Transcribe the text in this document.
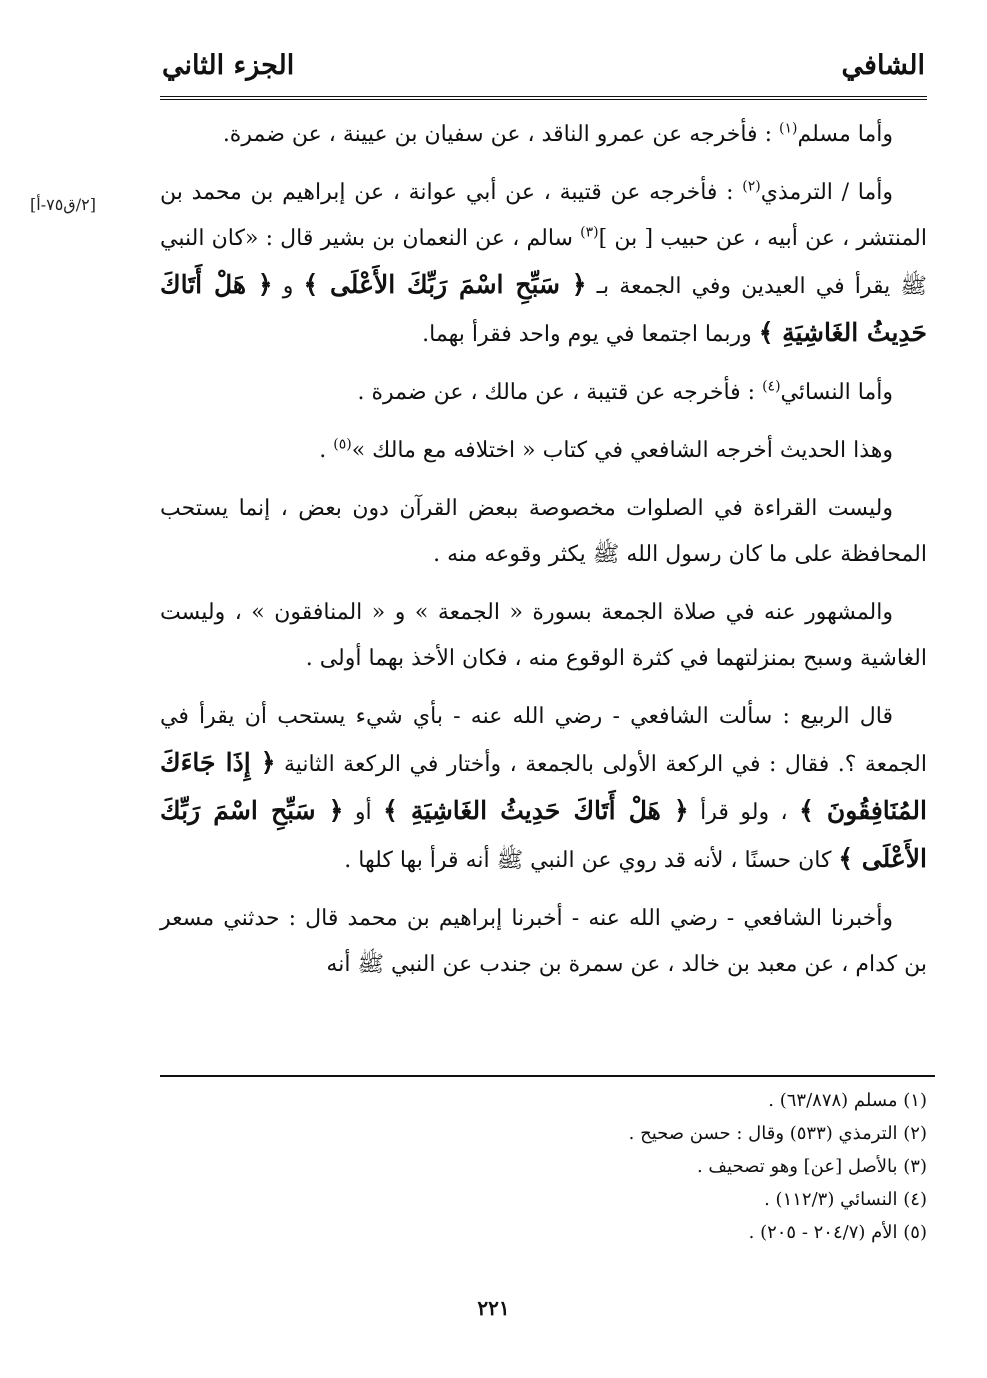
الشافي
الجزء الثاني
[٢/ق٧٥-أ]

وأما مسلم$^{(١)}$ : فأخرجه عن عمرو الناقد ، عن سفيان بن عيينة ، عن ضمرة.

وأما / الترمذي$^{(٢)}$ : فأخرجه عن قتيبة ، عن أبي عوانة ، عن إبراهيم بن محمد بن المنتشر ، عن أبيه ، عن حبيب [ بن ]$^{(٣)}$ سالم ، عن النعمان بن بشير قال : «كان النبي ﷺ يقرأ في العيدين وفي الجمعة بـ ﴿ سَبِّحِ اسْمَ رَبِّكَ الأَعْلَى ﴾ و ﴿ هَلْ أَتَاكَ حَدِيثُ الغَاشِيَةِ ﴾ وربما اجتمعا في يوم واحد فقرأ بهما.

وأما النسائي$^{(٤)}$ : فأخرجه عن قتيبة ، عن مالك ، عن ضمرة .

وهذا الحديث أخرجه الشافعي في كتاب « اختلافه مع مالك »$^{(٥)}$ .

وليست القراءة في الصلوات مخصوصة ببعض القرآن دون بعض ، إنما يستحب المحافظة على ما كان رسول الله ﷺ يكثر وقوعه منه .

والمشهور عنه في صلاة الجمعة بسورة « الجمعة » و « المنافقون » ، وليست الغاشية وسبح بمنزلتهما في كثرة الوقوع منه ، فكان الأخذ بهما أولى .

قال الربيع : سألت الشافعي - رضي الله عنه - بأي شيء يستحب أن يقرأ في الجمعة ؟. فقال : في الركعة الأولى بالجمعة ، وأختار في الركعة الثانية ﴿ إِذَا جَاءَكَ المُنَافِقُونَ ﴾ ، ولو قرأ ﴿ هَلْ أَتَاكَ حَدِيثُ الغَاشِيَةِ ﴾ أو ﴿ سَبِّحِ اسْمَ رَبِّكَ الأَعْلَى ﴾ كان حسنًا ، لأنه قد روي عن النبي ﷺ أنه قرأ بها كلها .

وأخبرنا الشافعي - رضي الله عنه - أخبرنا إبراهيم بن محمد قال : حدثني مسعر بن كدام ، عن معبد بن خالد ، عن سمرة بن جندب عن النبي ﷺ أنه

(١) مسلم (٦٣/٨٧٨) .
(٢) الترمذي (٥٣٣) وقال : حسن صحيح .
(٣) بالأصل [عن] وهو تصحيف .
(٤) النسائي (١١٢/٣) .
(٥) الأم (٢٠٤/٧ - ٢٠٥) .
٢٢١
